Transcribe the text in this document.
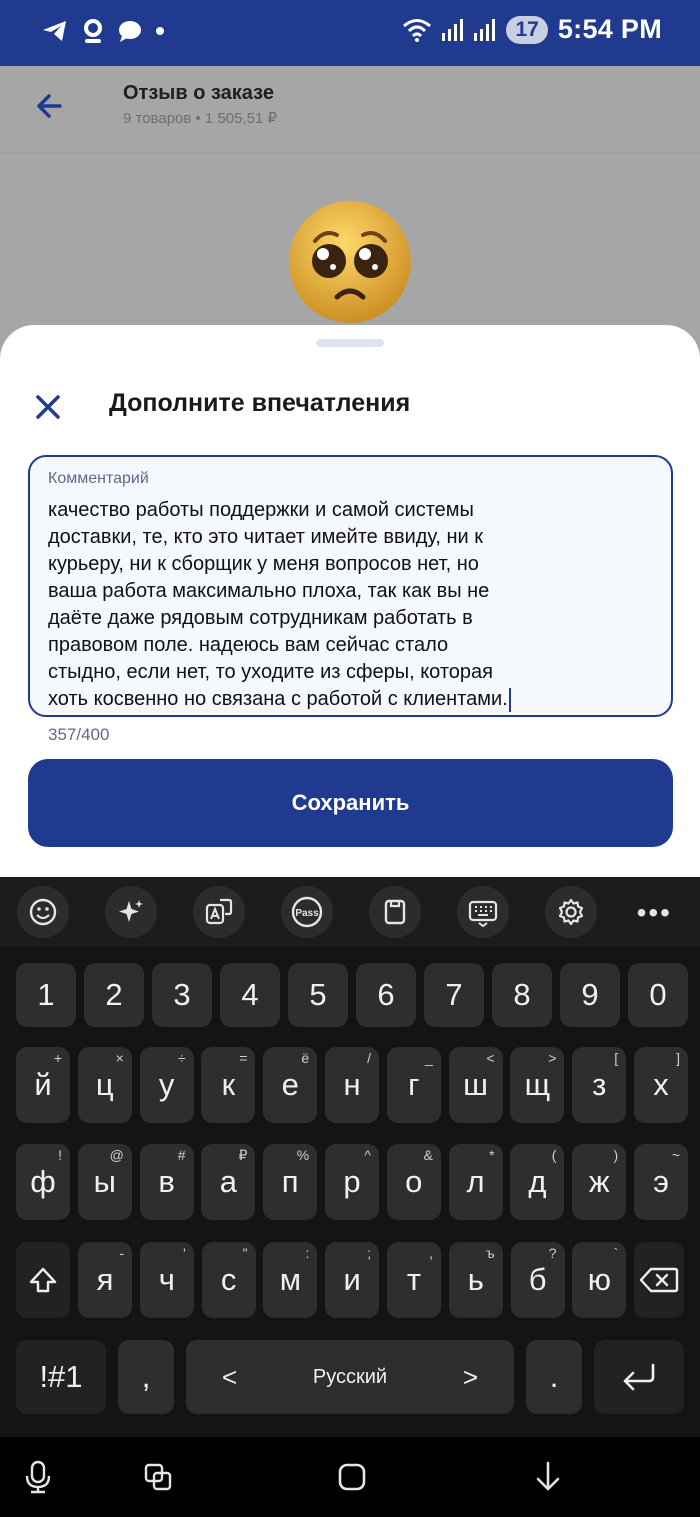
17 5:54 PM
Отзыв о заказе
9 товаров • 1 505,51 ₽
Дополните впечатления
Комментарий
качество работы поддержки и самой системы
доставки, те, кто это читает имейте ввиду, ни к
курьеру, ни к сборщик у меня вопросов нет, но
ваша работа максимально плоха, так как вы не
даёте даже рядовым сотрудникам работать в
правовом поле. надеюсь вам сейчас стало
стыдно, если нет, то уходите из сферы, которая
хоть косвенно но связана с работой с клиентами.
357/400
Сохранить
Pass	•••
1 2 3 4 5 6 7 8 9 0
й
+
ц
×
у
÷
к
=
е
ё
н
/
г
_
ш
<
щ
>
з
[
х
]
ф
!
ы
@
в
#
а
₽
п
%
р
^
о
&
л
*
д
(
ж
)
э
~
я
-
ч
'
с
"
м
:
и
;
т
,
ь
ъ
б
?
ю
`
!#1 ,	<	Русский	> .
